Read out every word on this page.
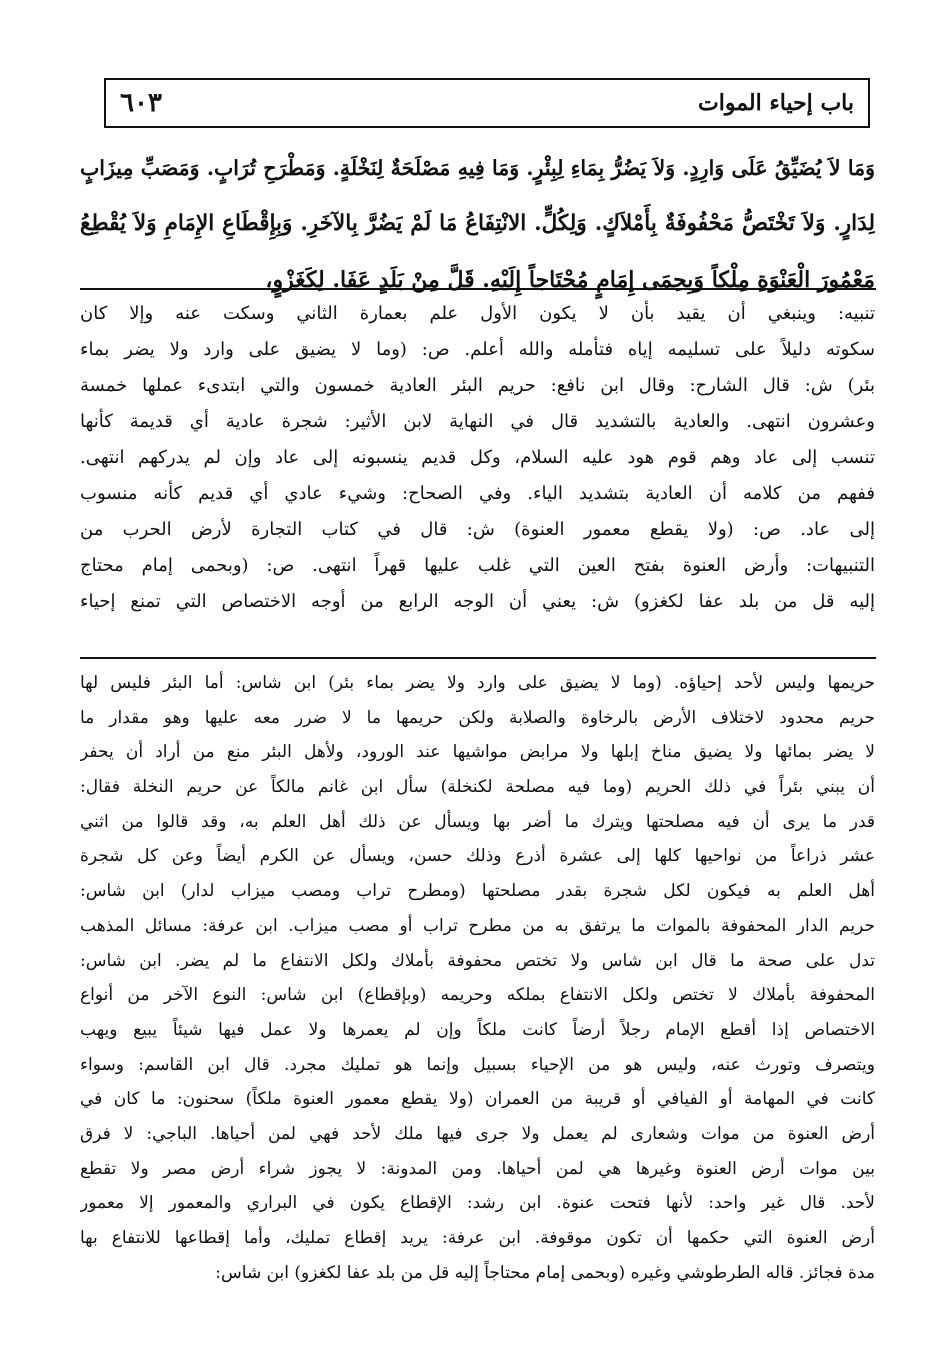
باب إحياء الموات
٦٠٣
وَمَا لاَ يُضَيِّقُ عَلَى وَارِدٍ. وَلاَ يَضُرُّ بِمَاءِ لِبِئْرٍ. وَمَا فِيهِ مَصْلَحَةٌ لِنَخْلَةٍ. وَمَطْرَحِ تُرَابٍ. وَمَصَبِّ مِيزَابٍ
لِدَارٍ. وَلاَ تَخْتَصُّ مَحْفُوفَةٌ بِأَمْلاَكٍ. وَلِكُلٍّ. الانْتِفَاعُ مَا لَمْ يَضُرَّ بِالآخَرِ. وَبِإِقْطَاعِ الإِمَامِ وَلاَ يُقْطِعُ
مَعْمُورَ الْعَنْوَةِ مِلْكاً وَبِحِمَى إِمَامٍ مُحْتَاجاً إِلَيْهِ. قَلَّ مِنْ بَلَدٍ عَفَا. لِكَغَزْوٍ،
تنبيه: وينبغي أن يقيد بأن لا يكون الأول علم بعمارة الثاني وسكت عنه وإلا كان
سكوته دليلاً على تسليمه إياه فتأمله والله أعلم. ص: (وما لا يضيق على وارد ولا يضر بماء
بئر) ش: قال الشارح: وقال ابن نافع: حريم البئر العادية خمسون والتي ابتدىء عملها خمسة
وعشرون انتهى. والعادية بالتشديد قال في النهاية لابن الأثير: شجرة عادية أي قديمة كأنها
تنسب إلى عاد وهم قوم هود عليه السلام، وكل قديم ينسبونه إلى عاد وإن لم يدركهم انتهى.
ففهم من كلامه أن العادية بتشديد الياء. وفي الصحاح: وشيء عادي أي قديم كأنه منسوب
إلى عاد. ص: (ولا يقطع معمور العنوة) ش: قال في كتاب التجارة لأرض الحرب من
التنبيهات: وأرض العنوة بفتح العين التي غلب عليها قهراً انتهى. ص: (وبحمى إمام محتاج
إليه قل من بلد عفا لكغزو) ش: يعني أن الوجه الرابع من أوجه الاختصاص التي تمنع إحياء
حريمها وليس لأحد إحياؤه. (وما لا يضيق على وارد ولا يضر بماء بئر) ابن شاس: أما البئر فليس لها
حريم محدود لاختلاف الأرض بالرخاوة والصلابة ولكن حريمها ما لا ضرر معه عليها وهو مقدار ما
لا يضر بمائها ولا يضيق مناخ إبلها ولا مرابض مواشيها عند الورود، ولأهل البئر منع من أراد أن يحفر
أن يبني بئراً في ذلك الحريم (وما فيه مصلحة لكنخلة) سأل ابن غانم مالكاً عن حريم النخلة فقال:
قدر ما يرى أن فيه مصلحتها ويترك ما أضر بها ويسأل عن ذلك أهل العلم به، وقد قالوا من اثني
عشر ذراعاً من نواحيها كلها إلى عشرة أذرع وذلك حسن، ويسأل عن الكرم أيضاً وعن كل شجرة
أهل العلم به فيكون لكل شجرة بقدر مصلحتها (ومطرح تراب ومصب ميزاب لدار) ابن شاس:
حريم الدار المحفوفة بالموات ما يرتفق به من مطرح تراب أو مصب ميزاب. ابن عرفة: مسائل المذهب
تدل على صحة ما قال ابن شاس ولا تختص محفوفة بأملاك ولكل الانتفاع ما لم يضر. ابن شاس:
المحفوفة بأملاك لا تختص ولكل الانتفاع بملكه وحريمه (وبإقطاع) ابن شاس: النوع الآخر من أنواع
الاختصاص إذا أقطع الإمام رجلاً أرضاً كانت ملكاً وإن لم يعمرها ولا عمل فيها شيئاً يبيع ويهب
ويتصرف وتورث عنه، وليس هو من الإحياء بسبيل وإنما هو تمليك مجرد. قال ابن القاسم: وسواء
كانت في المهامة أو الفيافي أو قريبة من العمران (ولا يقطع معمور العنوة ملكاً) سحنون: ما كان في
أرض العنوة من موات وشعارى لم يعمل ولا جرى فيها ملك لأحد فهي لمن أحياها. الباجي: لا فرق
بين موات أرض العنوة وغيرها هي لمن أحياها. ومن المدونة: لا يجوز شراء أرض مصر ولا تقطع
لأحد. قال غير واحد: لأنها فتحت عنوة. ابن رشد: الإقطاع يكون في البراري والمعمور إلا معمور
أرض العنوة التي حكمها أن تكون موقوفة. ابن عرفة: يريد إقطاع تمليك، وأما إقطاعها للانتفاع بها
مدة فجائز. قاله الطرطوشي وغيره (وبحمى إمام محتاجاً إليه قل من بلد عفا لكغزو) ابن شاس:
